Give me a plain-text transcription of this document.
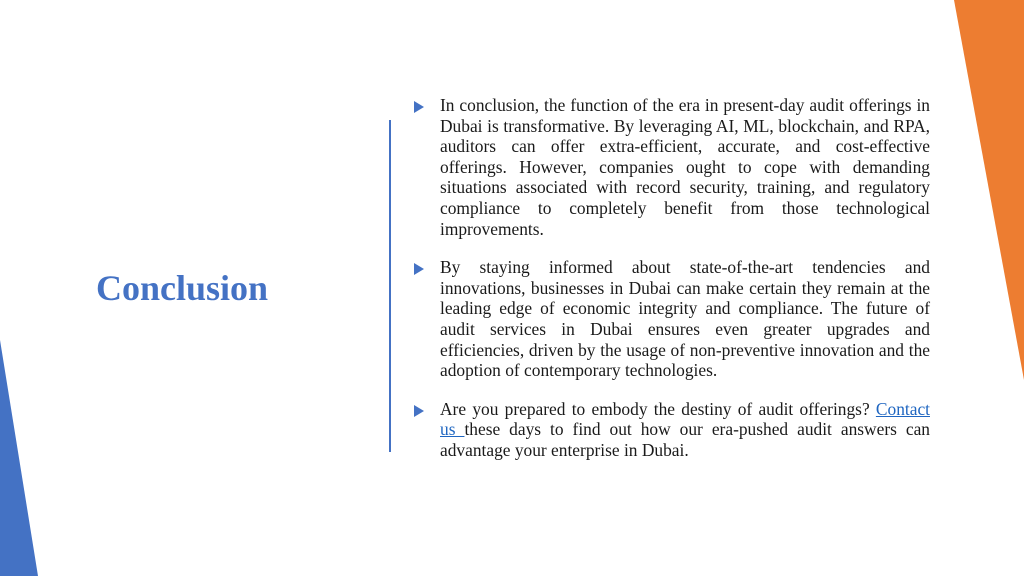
Conclusion
In conclusion, the function of the era in present-day audit offerings in Dubai is transformative. By leveraging AI, ML, blockchain, and RPA, auditors can offer extra-efficient, accurate, and cost-effective offerings. However, companies ought to cope with demanding situations associated with record security, training, and regulatory compliance to completely benefit from those technological improvements.
By staying informed about state-of-the-art tendencies and innovations, businesses in Dubai can make certain they remain at the leading edge of economic integrity and compliance. The future of audit services in Dubai ensures even greater upgrades and efficiencies, driven by the usage of non-preventive innovation and the adoption of contemporary technologies.
Are you prepared to embody the destiny of audit offerings? Contact us these days to find out how our era-pushed audit answers can advantage your enterprise in Dubai.
